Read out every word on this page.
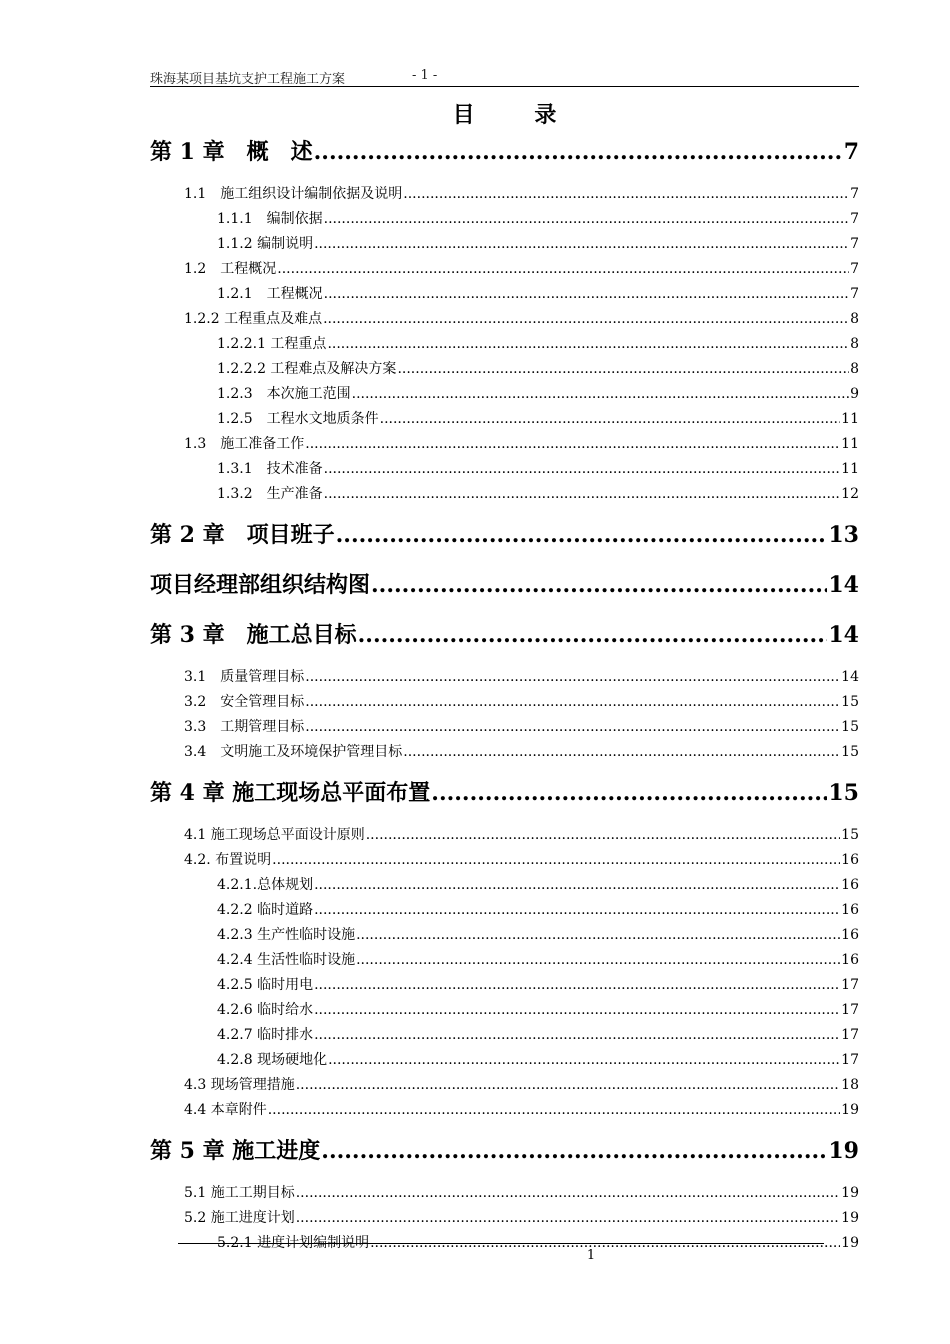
珠海某项目基坑支护工程施工方案	- 1 -
目 录
第 1 章　概　述 .....	7
1.1　施工组织设计编制依据及说明 .....	7
1.1.1　编制依据 .....	7
1.1.2 编制说明 .....	7
1.2　工程概况 .....	7
1.2.1　工程概况 .....	7
1.2.2 工程重点及难点 .....	8
1.2.2.1 工程重点 .....	8
1.2.2.2 工程难点及解决方案 .....	8
1.2.3　本次施工范围 .....	9
1.2.5　工程水文地质条件 .....	11
1.3　施工准备工作 .....	11
1.3.1　技术准备 .....	11
1.3.2　生产准备 .....	12
第 2 章　项目班子 .....	13
项目经理部组织结构图 .....	14
第 3 章　施工总目标 .....	14
3.1　质量管理目标 .....	14
3.2　安全管理目标 .....	15
3.3　工期管理目标 .....	15
3.4　文明施工及环境保护管理目标 .....	15
第 4 章 施工现场总平面布置 .....	15
4.1 施工现场总平面设计原则 .....	15
4.2. 布置说明 .....	16
4.2.1.总体规划 .....	16
4.2.2 临时道路 .....	16
4.2.3 生产性临时设施 .....	16
4.2.4 生活性临时设施 .....	16
4.2.5 临时用电 .....	17
4.2.6 临时给水 .....	17
4.2.7 临时排水 .....	17
4.2.8 现场硬地化 .....	17
4.3 现场管理措施 .....	18
4.4 本章附件 .....	19
第 5 章 施工进度 .....	19
5.1 施工工期目标 .....	19
5.2 施工进度计划 .....	19
5.2.1 进度计划编制说明 .....	19
1
